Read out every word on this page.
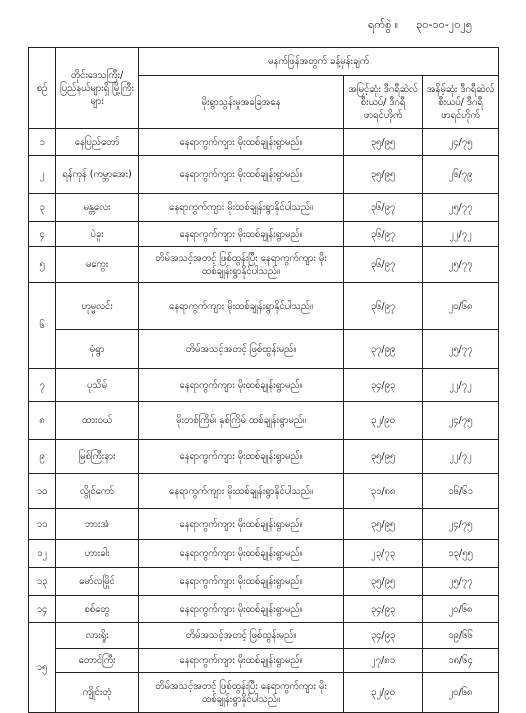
ရက်စွဲ ။ ၃၀-၁၀-၂၀၂၅
စဉ်	တိုင်းဒေသကြီး/ ပြည်နယ်များရှိ မြို့ကြီးများ	မနက်ဖြန်အတွက် ခန့်မှန်းချက်		
		မိုးရွာသွန်းမှုအခြေအနေ	အမြင့်ဆုံး ဒီဂရီဆဲလ်စီးယပ်/ ဒီဂရီဖာရင်ဟိုက်	အနိမ့်ဆုံး ဒီဂရီဆဲလ်စီးယပ်/ ဒီဂရီဖာရင်ဟိုက်
၁	နေပြည်တော်	နေရာကွက်ကျား မိုးထစ်ချုန်းရွာမည်။	၃၅/၉၅	၂၄/၇၅
၂	ရန်ကုန် (ကမ္ဘာအေး)	နေရာကွက်ကျား မိုးထစ်ချုန်းရွာမည်။	၃၅/၉၅	၂၆/၇၉
၃	မန္တလေး	နေရာကွက်ကျား မိုးထစ်ချုန်းရွာနိုင်ပါသည်။	၃၆/၉၇	၂၅/၇၇
၄	ပဲခူး	နေရာကွက်ကျား မိုးထစ်ချုန်းရွာမည်။	၃၆/၉၇	၂၂/၇၂
၅	မကွေး	တိမ်အသင့်အတင့် ဖြစ်ထွန်းပြီး နေရာကွက်ကျား မိုးထစ်ချုန်းရွာနိုင်ပါသည်။	၃၆/၉၇	၂၅/၇၇
၆	ဟုမ္မလင်း	နေရာကွက်ကျား မိုးထစ်ချုန်းရွာနိုင်ပါသည်။	၃၆/၉၇	၂၀/၆၈
	မုံရွာ	တိမ်အသင့်အတင့် ဖြစ်ထွန်းမည်။	၃၇/၉၉	၂၅/၇၇
၇	ပုသိမ်	နေရာကွက်ကျား မိုးထစ်ချုန်းရွာမည်။	၃၄/၉၃	၂၂/၇၂
၈	ထားဝယ်	မိုးတစ်ကြိမ်၊ နှစ်ကြိမ် ထစ်ချုန်းရွာမည်။	၃၂/၉၀	၂၄/၇၅
၉	မြစ်ကြီးနား	နေရာကွက်ကျား မိုးထစ်ချုန်းရွာမည်။	၃၅/၉၅	၂၂/၇၂
၁၀	လွိုင်ကော်	နေရာကွက်ကျား မိုးထစ်ချုန်းရွာနိုင်ပါသည်။	၃၁/၈၈	၁၆/၆၁
၁၁	ဘားအံ	နေရာကွက်ကျား မိုးထစ်ချုန်းရွာမည်။	၃၅/၉၅	၂၄/၇၅
၁၂	ဟားခါး	နေရာကွက်ကျား မိုးထစ်ချုန်းရွာမည်။	၂၃/၇၃	၁၃/၅၅
၁၃	မော်လမြိုင်	နေရာကွက်ကျား မိုးထစ်ချုန်းရွာမည်။	၃၅/၉၅	၂၅/၇၇
၁၄	စစ်တွေ	နေရာကွက်ကျား မိုးထစ်ချုန်းရွာမည်။	၃၄/၉၃	၂၀/၆၈
၁၅	လားရှိုး	တိမ်အသင့်အတင့် ဖြစ်ထွန်းမည်။	၃၄/၉၃	၁၉/၆၆
	တောင်ကြီး	နေရာကွက်ကျား မိုးထစ်ချုန်းရွာမည်။	၂၇/၈၁	၁၈/၆၄
	ကျိုင်းတုံ	တိမ်အသင့်အတင့် ဖြစ်ထွန်းပြီး နေရာကွက်ကျား မိုးထစ်ချုန်းရွာနိုင်ပါသည်။	၃၂/၉၀	၂၀/၆၈
